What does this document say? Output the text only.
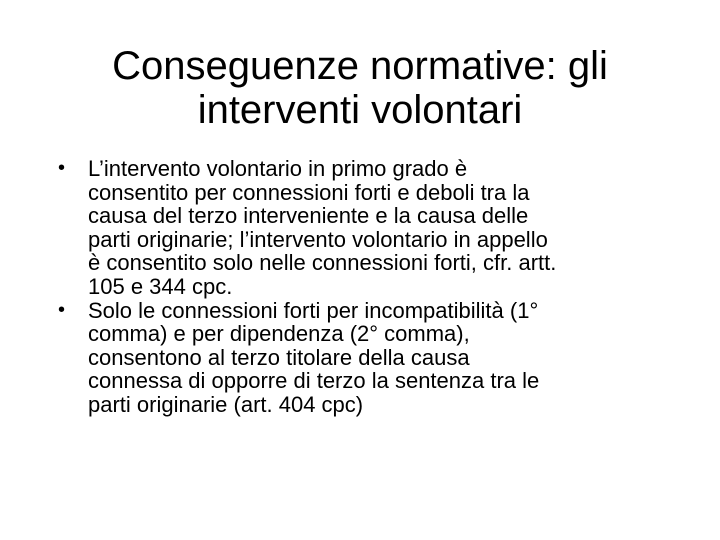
Conseguenze normative: gli
interventi volontari
•	L’intervento volontario in primo grado è
consentito per connessioni forti e deboli tra la
causa del terzo interveniente e la causa delle
parti originarie; l’intervento volontario in appello
è consentito solo nelle connessioni forti, cfr. artt.
105 e 344 cpc.
•	Solo le connessioni forti per incompatibilità (1°
comma) e per dipendenza (2° comma),
consentono al terzo titolare della causa
connessa di opporre di terzo la sentenza tra le
parti originarie (art. 404 cpc)
